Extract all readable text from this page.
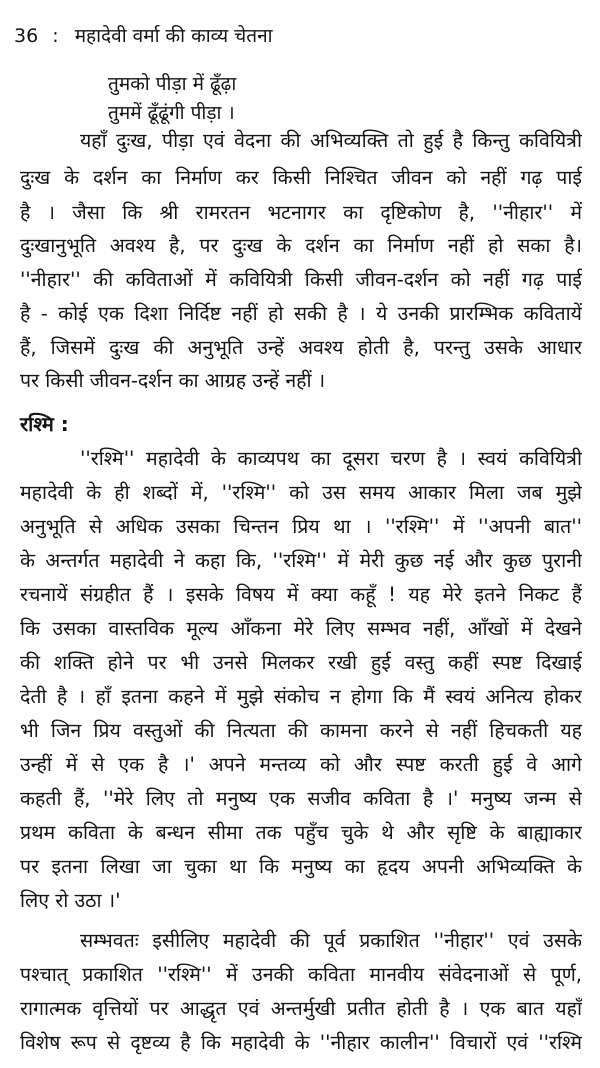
36 : महादेवी वर्मा की काव्य चेतना
तुमको पीड़ा में ढूँढ़ा
तुममें ढूँढूंगी पीड़ा ।
यहाँ दुःख, पीड़ा एवं वेदना की अभिव्यक्ति तो हुई है किन्तु कवियित्री
दुःख के दर्शन का निर्माण कर किसी निश्चित जीवन को नहीं गढ़ पाई
है । जैसा कि श्री रामरतन भटनागर का दृष्टिकोण है, ''नीहार'' में
दुःखानुभूति अवश्य है, पर दुःख के दर्शन का निर्माण नहीं हो सका है।
''नीहार'' की कविताओं में कवियित्री किसी जीवन-दर्शन को नहीं गढ़ पाई
है - कोई एक दिशा निर्दिष्ट नहीं हो सकी है । ये उनकी प्रारम्भिक कवितायें
हैं, जिसमें दुःख की अनुभूति उन्हें अवश्य होती है, परन्तु उसके आधार
पर किसी जीवन-दर्शन का आग्रह उन्हें नहीं ।
रश्मि :
''रश्मि'' महादेवी के काव्यपथ का दूसरा चरण है । स्वयं कवियित्री
महादेवी के ही शब्दों में, ''रश्मि'' को उस समय आकार मिला जब मुझे
अनुभूति से अधिक उसका चिन्तन प्रिय था । ''रश्मि'' में ''अपनी बात''
के अन्तर्गत महादेवी ने कहा कि, ''रश्मि'' में मेरी कुछ नई और कुछ पुरानी
रचनायें संग्रहीत हैं । इसके विषय में क्या कहूँ ! यह मेरे इतने निकट हैं
कि उसका वास्तविक मूल्य आँकना मेरे लिए सम्भव नहीं, आँखों में देखने
की शक्ति होने पर भी उनसे मिलकर रखी हुई वस्तु कहीं स्पष्ट दिखाई
देती है । हाँ इतना कहने में मुझे संकोच न होगा कि मैं स्वयं अनित्य होकर
भी जिन प्रिय वस्तुओं की नित्यता की कामना करने से नहीं हिचकती यह
उन्हीं में से एक है ।' अपने मन्तव्य को और स्पष्ट करती हुई वे आगे
कहती हैं, ''मेरे लिए तो मनुष्य एक सजीव कविता है ।' मनुष्य जन्म से
प्रथम कविता के बन्धन सीमा तक पहुँच चुके थे और सृष्टि के बाह्याकार
पर इतना लिखा जा चुका था कि मनुष्य का हृदय अपनी अभिव्यक्ति के
लिए रो उठा ।'
सम्भवतः इसीलिए महादेवी की पूर्व प्रकाशित ''नीहार'' एवं उसके
पश्चात् प्रकाशित ''रश्मि'' में उनकी कविता मानवीय संवेदनाओं से पूर्ण,
रागात्मक वृत्तियों पर आद्धृत एवं अन्तर्मुखी प्रतीत होती है । एक बात यहाँ
विशेष रूप से दृष्टव्य है कि महादेवी के ''नीहार कालीन'' विचारों एवं ''रश्मि
